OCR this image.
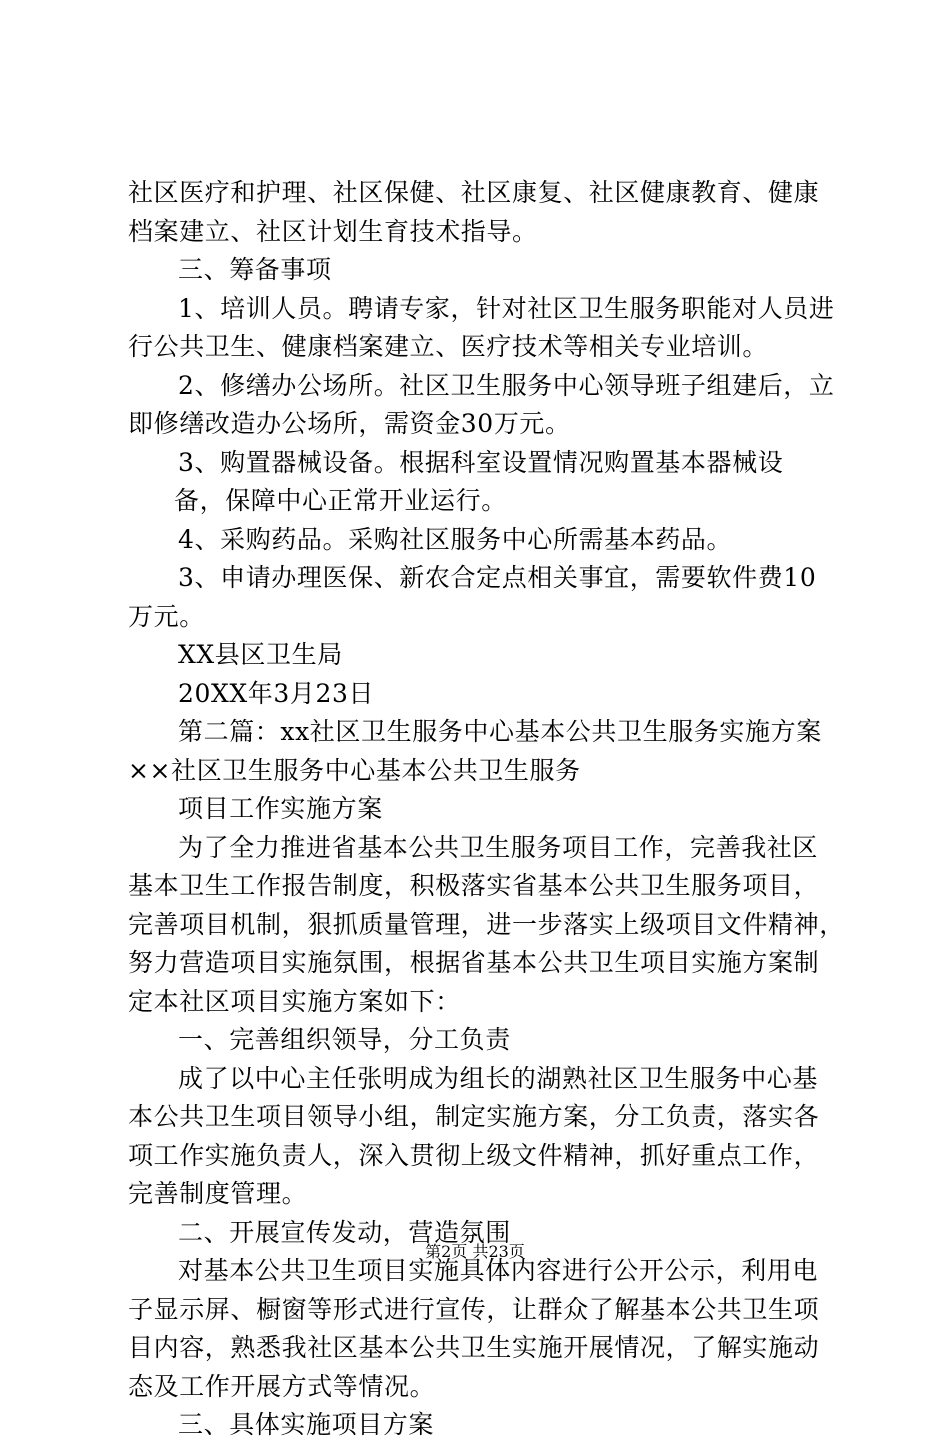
社区医疗和护理、社区保健、社区康复、社区健康教育、健康
档案建立、社区计划生育技术指导。
三、筹备事项
1、培训人员。聘请专家，针对社区卫生服务职能对人员进
行公共卫生、健康档案建立、医疗技术等相关专业培训。
2、修缮办公场所。社区卫生服务中心领导班子组建后，立
即修缮改造办公场所，需资金30万元。
3、购置器械设备。根据科室设置情况购置基本器械设
备，保障中心正常开业运行。
4、采购药品。采购社区服务中心所需基本药品。
3、申请办理医保、新农合定点相关事宜，需要软件费10
万元。
XX县区卫生局
20XX年3月23日
第二篇：xx社区卫生服务中心基本公共卫生服务实施方案
××社区卫生服务中心基本公共卫生服务
项目工作实施方案
为了全力推进省基本公共卫生服务项目工作，完善我社区
基本卫生工作报告制度，积极落实省基本公共卫生服务项目，
完善项目机制，狠抓质量管理，进一步落实上级项目文件精神，
努力营造项目实施氛围，根据省基本公共卫生项目实施方案制
定本社区项目实施方案如下：
一、完善组织领导，分工负责
成了以中心主任张明成为组长的湖熟社区卫生服务中心基
本公共卫生项目领导小组，制定实施方案，分工负责，落实各
项工作实施负责人，深入贯彻上级文件精神，抓好重点工作，
完善制度管理。
二、开展宣传发动，营造氛围
对基本公共卫生项目实施具体内容进行公开公示，利用电
子显示屏、橱窗等形式进行宣传，让群众了解基本公共卫生项
目内容，熟悉我社区基本公共卫生实施开展情况，了解实施动
态及工作开展方式等情况。
三、具体实施项目方案
第2页 共23页
